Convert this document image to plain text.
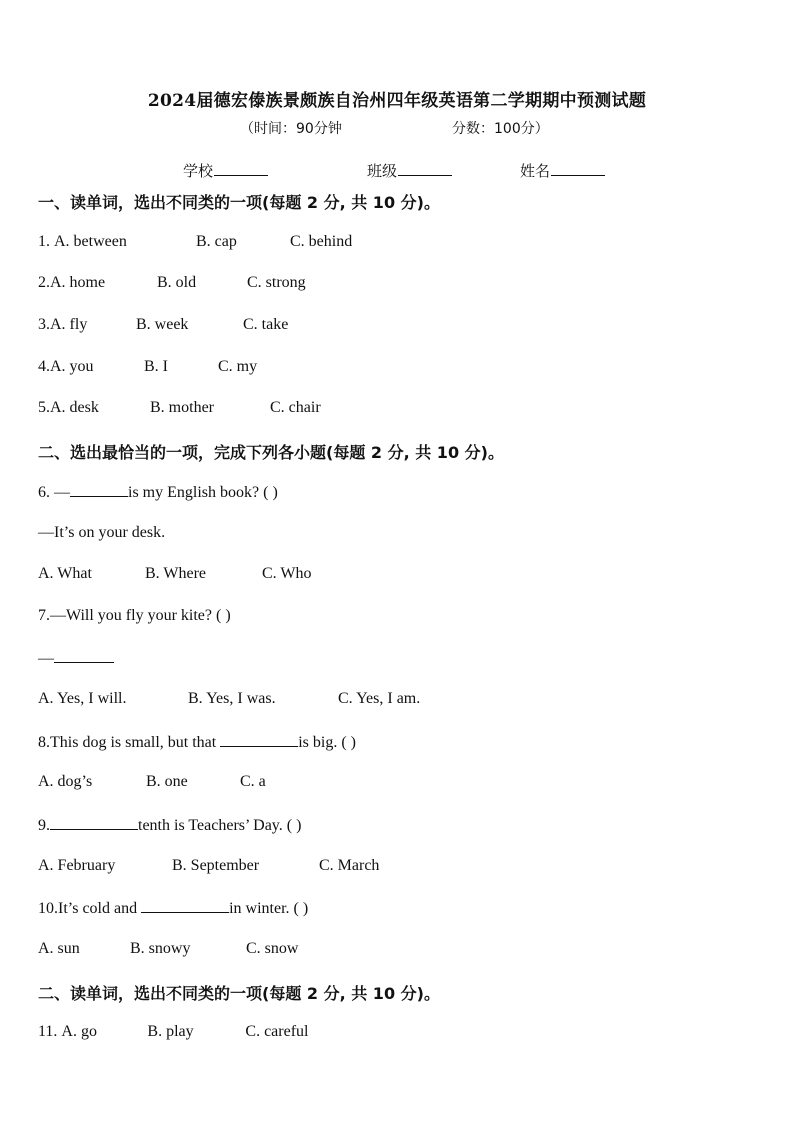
2024届德宏傣族景颇族自治州四年级英语第二学期期中预测试题
（时间：90分钟	分数：100分）
学校	班级	姓名
一、读单词，选出不同类的一项(每题 2 分, 共 10 分)。
1. A. between	B. cap	C. behind
2.A. home	B. old	C. strong
3.A. fly	B. week	C. take
4.A. you	B. I	C. my
5.A. desk	B. mother	C. chair
二、选出最恰当的一项，完成下列各小题(每题 2 分, 共 10 分)。
6. —	is my English book? ( )
—It’s on your desk.
A. What	B. Where	C. Who
7.—Will you fly your kite? ( )
—
A. Yes, I will.	B. Yes, I was.	C. Yes, I am.
8.This dog is small, but that	is big. ( )
A. dog’s	B. one	C. a
9.	tenth is Teachers’ Day. ( )
A. February	B. September	C. March
10.It’s cold and	in winter. ( )
A. sun	B. snowy	C. snow
二、读单词，选出不同类的一项(每题 2 分, 共 10 分)。
11. A. go	B. play	C. careful
